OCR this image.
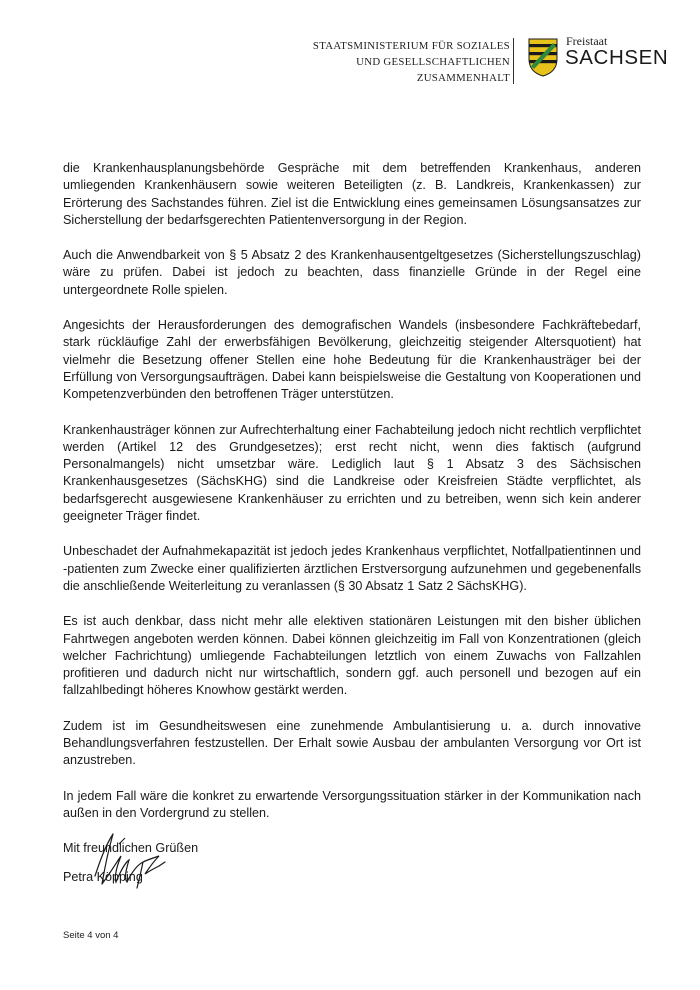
STAATSMINISTERIUM FÜR SOZIALES
UND GESELLSCHAFTLICHEN
ZUSAMMENHALT
Freistaat
SACHSEN

die Krankenhausplanungsbehörde Gespräche mit dem betreffenden Krankenhaus, anderen umliegenden Krankenhäusern sowie weiteren Beteiligten (z. B. Landkreis, Krankenkassen) zur Erörterung des Sachstandes führen. Ziel ist die Entwicklung eines gemeinsamen Lösungsansatzes zur Sicherstellung der bedarfsgerechten Patientenversorgung in der Region.

Auch die Anwendbarkeit von § 5 Absatz 2 des Krankenhausentgeltgesetzes (Sicherstellungszuschlag) wäre zu prüfen. Dabei ist jedoch zu beachten, dass finanzielle Gründe in der Regel eine untergeordnete Rolle spielen.

Angesichts der Herausforderungen des demografischen Wandels (insbesondere Fachkräftebedarf, stark rückläufige Zahl der erwerbsfähigen Bevölkerung, gleichzeitig steigender Altersquotient) hat vielmehr die Besetzung offener Stellen eine hohe Bedeutung für die Krankenhausträger bei der Erfüllung von Versorgungsaufträgen. Dabei kann beispielsweise die Gestaltung von Kooperationen und Kompetenzverbünden den betroffenen Träger unterstützen.

Krankenhausträger können zur Aufrechterhaltung einer Fachabteilung jedoch nicht rechtlich verpflichtet werden (Artikel 12 des Grundgesetzes); erst recht nicht, wenn dies faktisch (aufgrund Personalmangels) nicht umsetzbar wäre. Lediglich laut § 1 Absatz 3 des Sächsischen Krankenhausgesetzes (SächsKHG) sind die Landkreise oder Kreisfreien Städte verpflichtet, als bedarfsgerecht ausgewiesene Krankenhäuser zu errichten und zu betreiben, wenn sich kein anderer geeigneter Träger findet.

Unbeschadet der Aufnahmekapazität ist jedoch jedes Krankenhaus verpflichtet, Notfallpatientinnen und -patienten zum Zwecke einer qualifizierten ärztlichen Erstversorgung aufzunehmen und gegebenenfalls die anschließende Weiterleitung zu veranlassen (§ 30 Absatz 1 Satz 2 SächsKHG).

Es ist auch denkbar, dass nicht mehr alle elektiven stationären Leistungen mit den bisher üblichen Fahrtwegen angeboten werden können. Dabei können gleichzeitig im Fall von Konzentrationen (gleich welcher Fachrichtung) umliegende Fachabteilungen letztlich von einem Zuwachs von Fallzahlen profitieren und dadurch nicht nur wirtschaftlich, sondern ggf. auch personell und bezogen auf ein fallzahlbedingt höheres Knowhow gestärkt werden.

Zudem ist im Gesundheitswesen eine zunehmende Ambulantisierung u. a. durch innovative Behandlungsverfahren festzustellen. Der Erhalt sowie Ausbau der ambulanten Versorgung vor Ort ist anzustreben.

In jedem Fall wäre die konkret zu erwartende Versorgungssituation stärker in der Kommunikation nach außen in den Vordergrund zu stellen.

Mit freundlichen Grüßen

Petra Köpping
Seite 4 von 4
